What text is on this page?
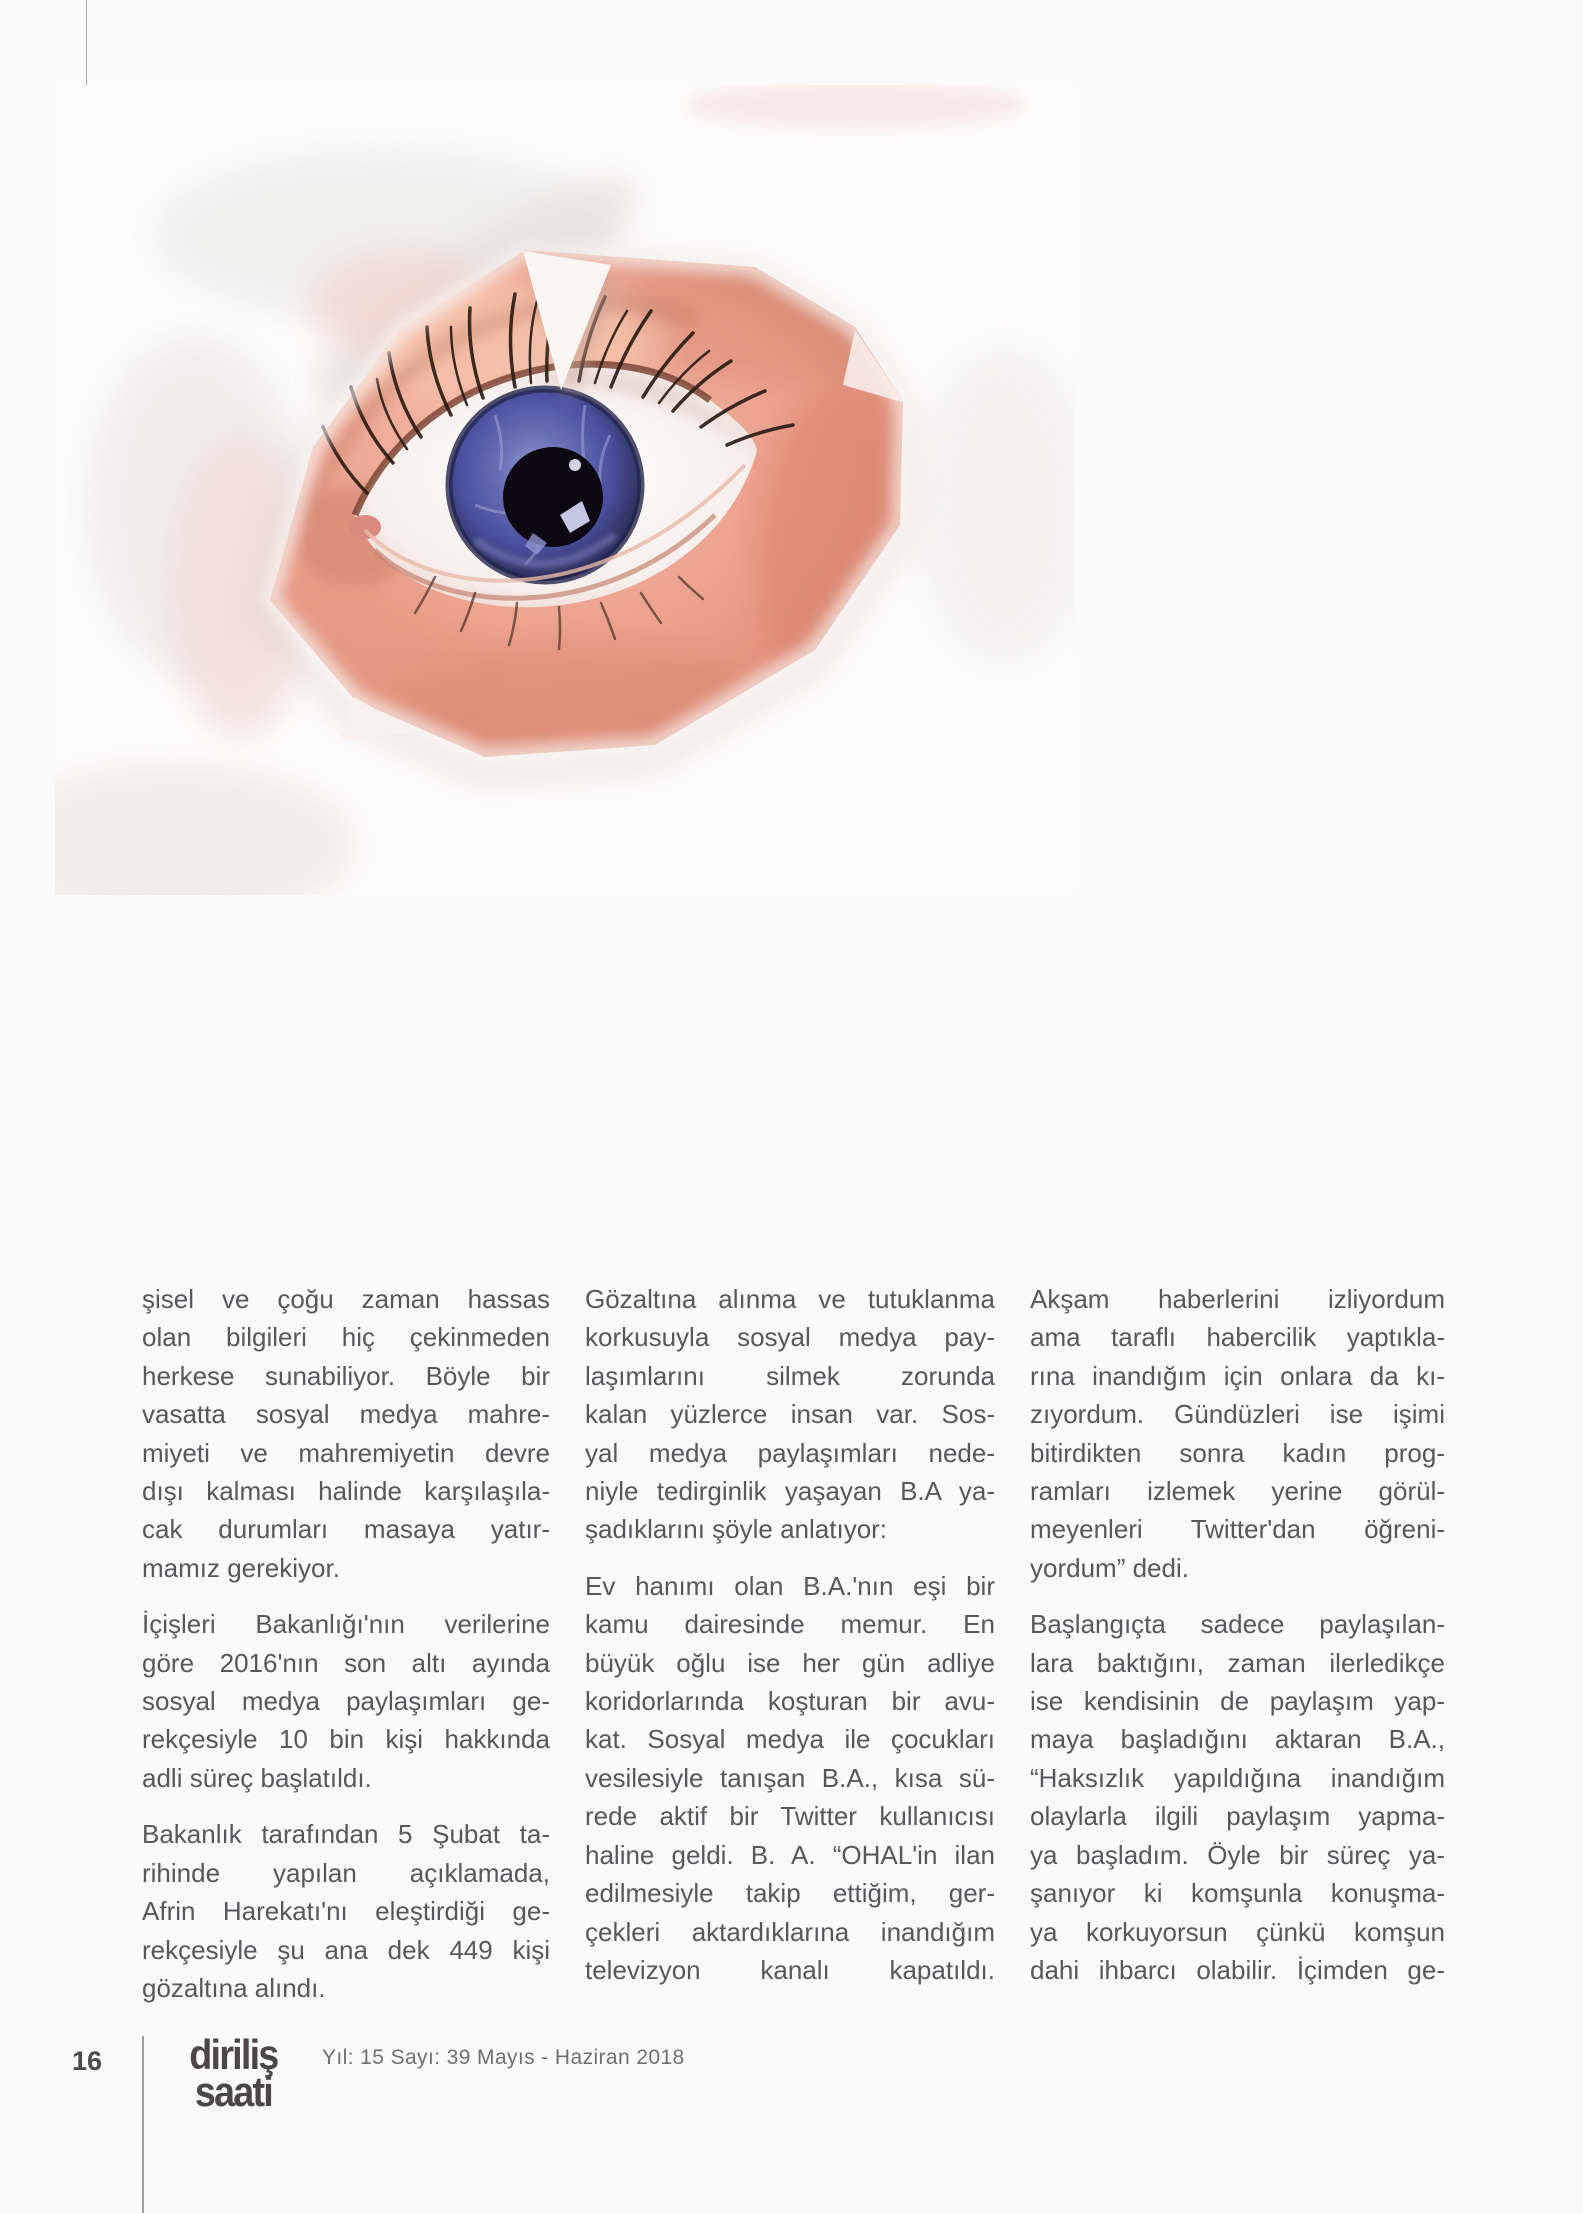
şisel ve çoğu zaman hassas
olan bilgileri hiç çekinmeden
herkese sunabiliyor. Böyle bir
vasatta sosyal medya mahre-
miyeti ve mahremiyetin devre
dışı kalması halinde karşılaşıla-
cak durumları masaya yatır-
mamız gerekiyor.
İçişleri Bakanlığı'nın verilerine
göre 2016'nın son altı ayında
sosyal medya paylaşımları ge-
rekçesiyle 10 bin kişi hakkında
adli süreç başlatıldı.
Bakanlık tarafından 5 Şubat ta-
rihinde yapılan açıklamada,
Afrin Harekatı'nı eleştirdiği ge-
rekçesiyle şu ana dek 449 kişi
gözaltına alındı.
Gözaltına alınma ve tutuklanma
korkusuyla sosyal medya pay-
laşımlarını silmek zorunda
kalan yüzlerce insan var. Sos-
yal medya paylaşımları nede-
niyle tedirginlik yaşayan B.A ya-
şadıklarını şöyle anlatıyor:
Ev hanımı olan B.A.'nın eşi bir
kamu dairesinde memur. En
büyük oğlu ise her gün adliye
koridorlarında koşturan bir avu-
kat. Sosyal medya ile çocukları
vesilesiyle tanışan B.A., kısa sü-
rede aktif bir Twitter kullanıcısı
haline geldi. B. A. “OHAL'in ilan
edilmesiyle takip ettiğim, ger-
çekleri aktardıklarına inandığım
televizyon kanalı kapatıldı.
Akşam haberlerini izliyordum
ama taraflı habercilik yaptıkla-
rına inandığım için onlara da kı-
zıyordum. Gündüzleri ise işimi
bitirdikten sonra kadın prog-
ramları izlemek yerine görül-
meyenleri Twitter'dan öğreni-
yordum” dedi.
Başlangıçta sadece paylaşılan-
lara baktığını, zaman ilerledikçe
ise kendisinin de paylaşım yap-
maya başladığını aktaran B.A.,
“Haksızlık yapıldığına inandığım
olaylarla ilgili paylaşım yapma-
ya başladım. Öyle bir süreç ya-
şanıyor ki komşunla konuşma-
ya korkuyorsun çünkü komşun
dahi ihbarcı olabilir. İçimden ge-
16	diriliş
saati
Yıl: 15 Sayı: 39 Mayıs - Haziran 2018
